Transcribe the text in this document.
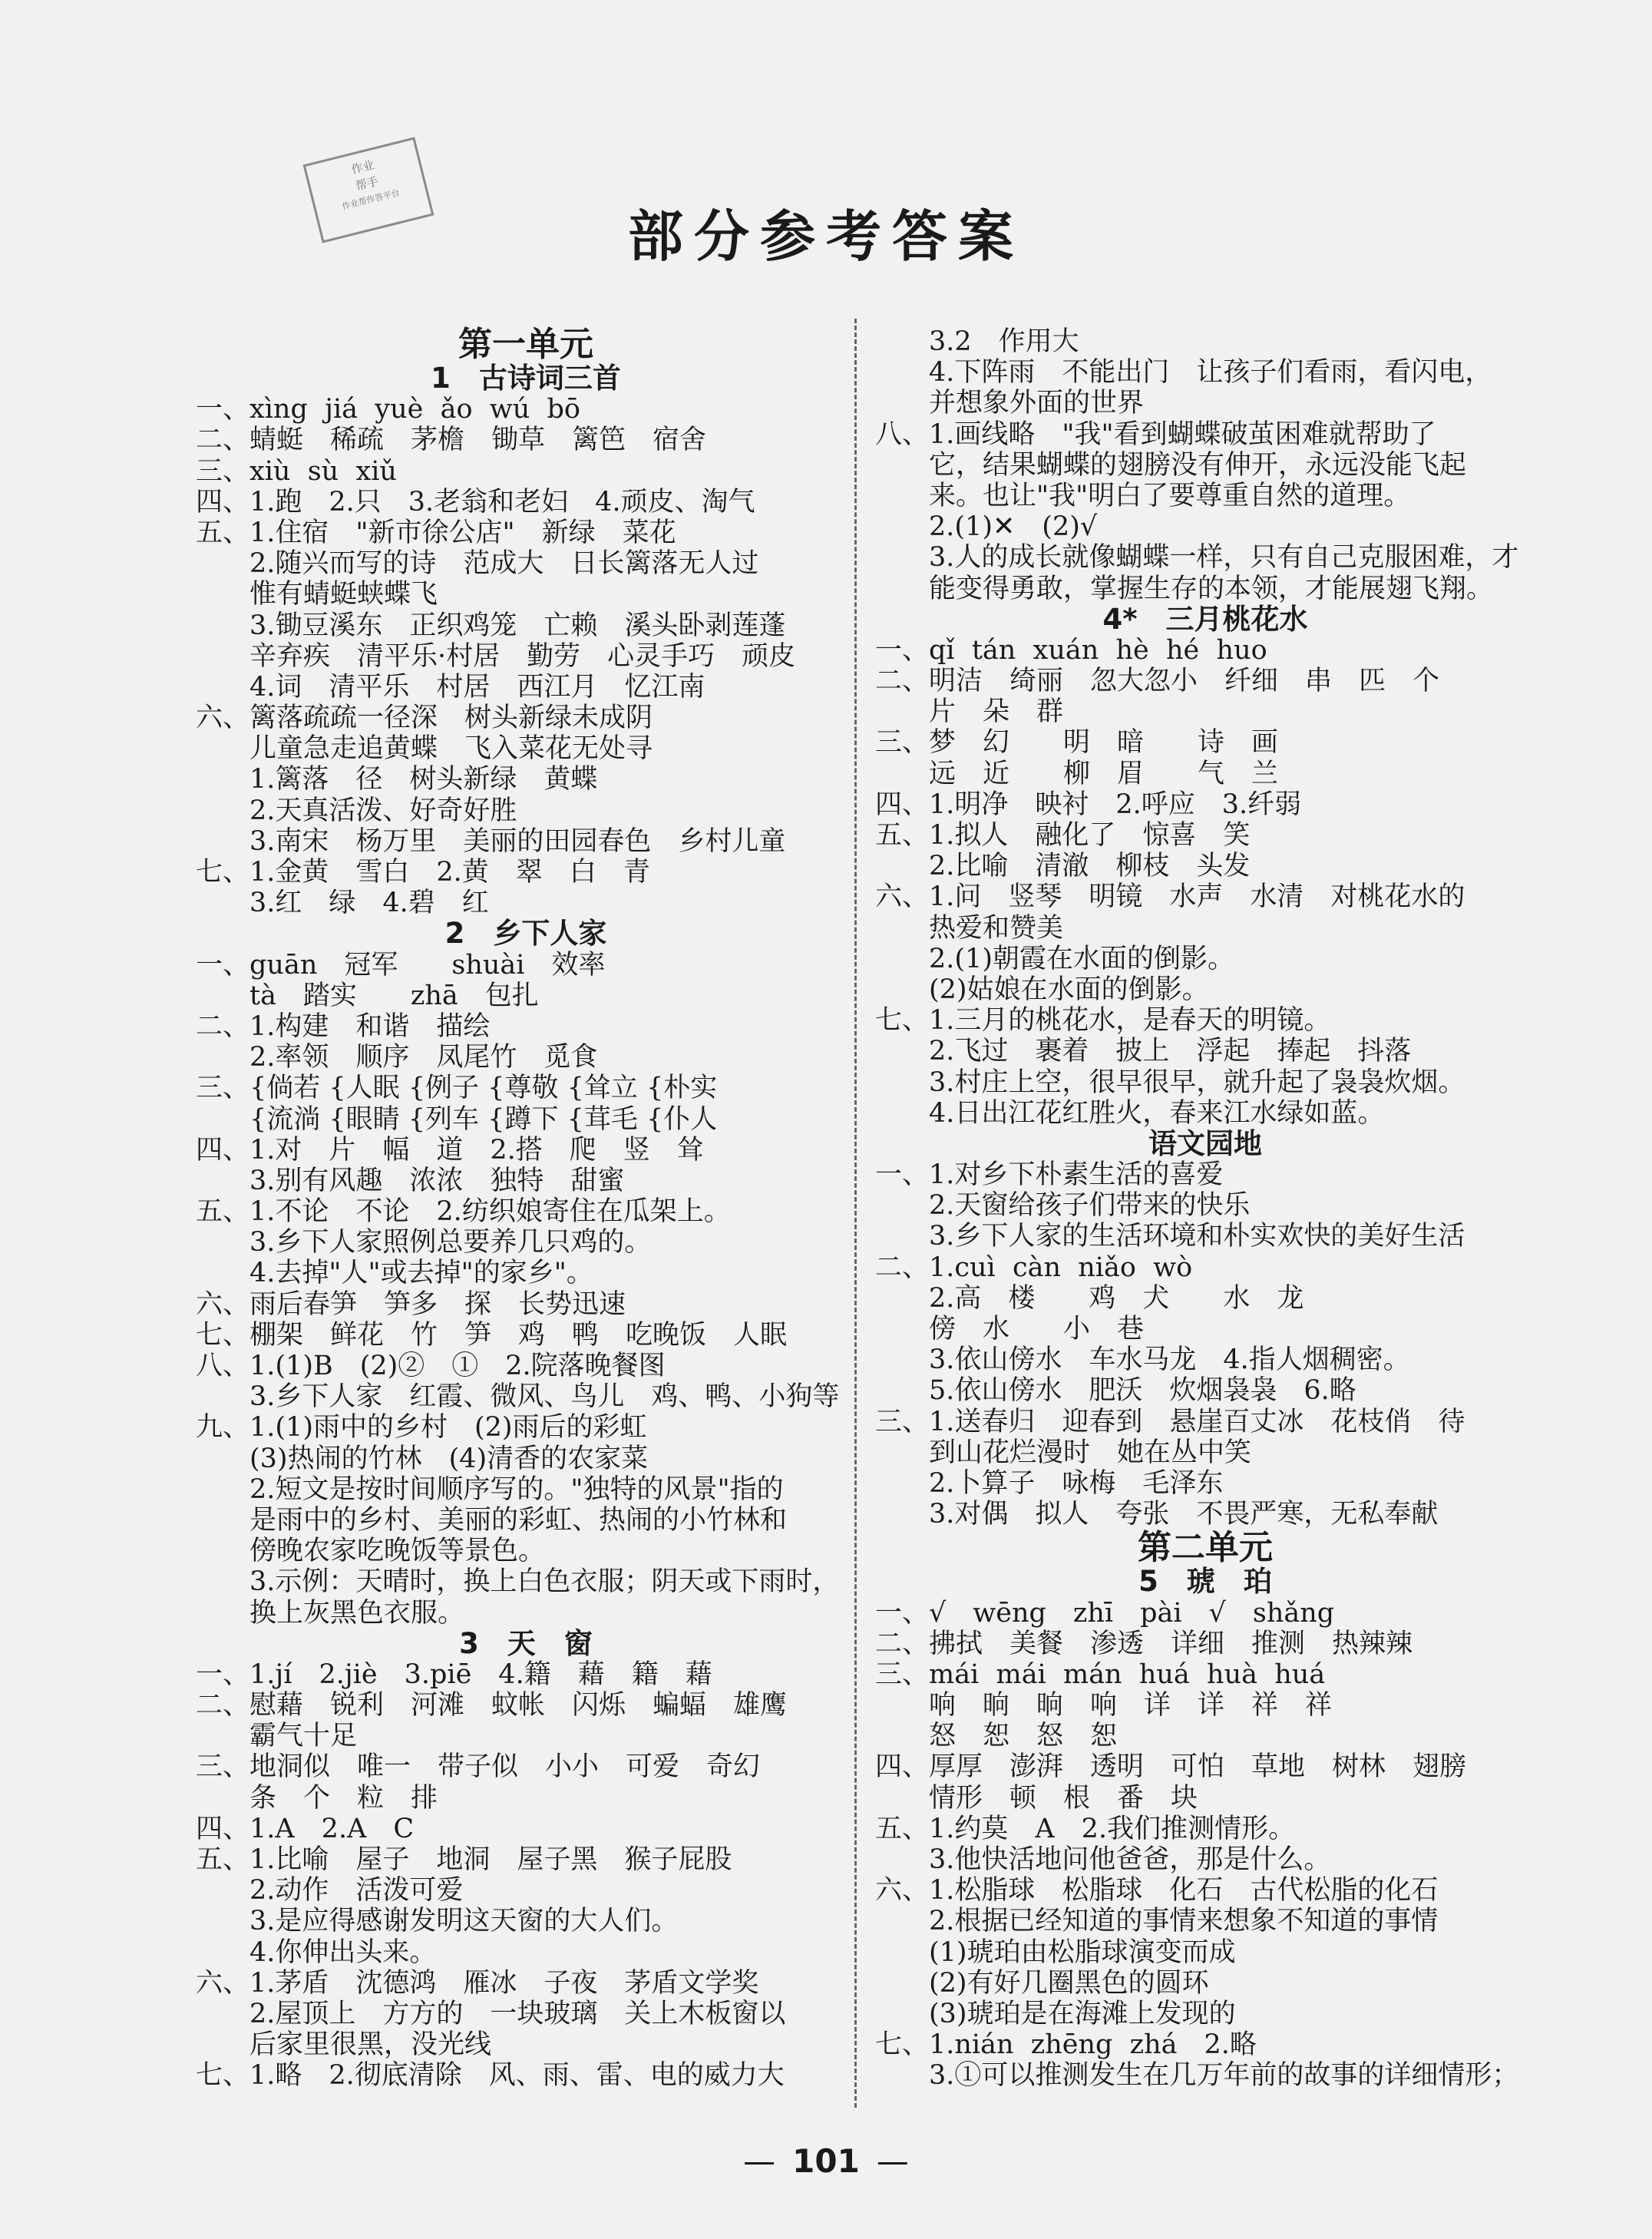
作业
帮手
作业帮作答平台
部分参考答案
第一单元
1　古诗词三首
一、xìng  jiá  yuè  ǎo  wú  bō
二、蜻蜓　稀疏　茅檐　锄草　篱笆　宿舍
三、xiù  sù  xiǔ
四、1.跑　2.只　3.老翁和老妇　4.顽皮、淘气
五、1.住宿　"新市徐公店"　新绿　菜花
　　2.随兴而写的诗　范成大　日长篱落无人过
　　惟有蜻蜓蛱蝶飞
　　3.锄豆溪东　正织鸡笼　亡赖　溪头卧剥莲蓬
　　辛弃疾　清平乐·村居　勤劳　心灵手巧　顽皮
　　4.词　清平乐　村居　西江月　忆江南
六、篱落疏疏一径深　树头新绿未成阴
　　儿童急走追黄蝶　飞入菜花无处寻
　　1.篱落　径　树头新绿　黄蝶
　　2.天真活泼、好奇好胜
　　3.南宋　杨万里　美丽的田园春色　乡村儿童
七、1.金黄　雪白　2.黄　翠　白　青
　　3.红　绿　4.碧　红
2　乡下人家
一、guān　冠军　　shuài　效率
　　tà　踏实　　zhā　包扎
二、1.构建　和谐　描绘
　　2.率领　顺序　凤尾竹　觅食
三、{倘若 {人眠 {例子 {尊敬 {耸立 {朴实
　　{流淌 {眼睛 {列车 {蹲下 {茸毛 {仆人
四、1.对　片　幅　道　2.搭　爬　竖　耸
　　3.别有风趣　浓浓　独特　甜蜜
五、1.不论　不论　2.纺织娘寄住在瓜架上。
　　3.乡下人家照例总要养几只鸡的。
　　4.去掉"人"或去掉"的家乡"。
六、雨后春笋　笋多　探　长势迅速
七、棚架　鲜花　竹　笋　鸡　鸭　吃晚饭　人眠
八、1.(1)B　(2)②　①　2.院落晚餐图
　　3.乡下人家　红霞、微风、鸟儿　鸡、鸭、小狗等
九、1.(1)雨中的乡村　(2)雨后的彩虹
　　(3)热闹的竹林　(4)清香的农家菜
　　2.短文是按时间顺序写的。"独特的风景"指的
　　是雨中的乡村、美丽的彩虹、热闹的小竹林和
　　傍晚农家吃晚饭等景色。
　　3.示例：天晴时，换上白色衣服；阴天或下雨时，
　　换上灰黑色衣服。
3　天　窗
一、1.jí　2.jiè　3.piē　4.籍　藉　籍　藉
二、慰藉　锐利　河滩　蚊帐　闪烁　蝙蝠　雄鹰
　　霸气十足
三、地洞似　唯一　带子似　小小　可爱　奇幻
　　条　个　粒　排
四、1.A　2.A　C
五、1.比喻　屋子　地洞　屋子黑　猴子屁股
　　2.动作　活泼可爱
　　3.是应得感谢发明这天窗的大人们。
　　4.你伸出头来。
六、1.茅盾　沈德鸿　雁冰　子夜　茅盾文学奖
　　2.屋顶上　方方的　一块玻璃　关上木板窗以
　　后家里很黑，没光线
七、1.略　2.彻底清除　风、雨、雷、电的威力大
　　3.2　作用大
　　4.下阵雨　不能出门　让孩子们看雨，看闪电，
　　并想象外面的世界
八、1.画线略　"我"看到蝴蝶破茧困难就帮助了
　　它，结果蝴蝶的翅膀没有伸开，永远没能飞起
　　来。也让"我"明白了要尊重自然的道理。
　　2.(1)✕　(2)√
　　3.人的成长就像蝴蝶一样，只有自己克服困难，才
　　能变得勇敢，掌握生存的本领，才能展翅飞翔。
4*　三月桃花水
一、qǐ  tán  xuán  hè  hé  huo
二、明洁　绮丽　忽大忽小　纤细　串　匹　个
　　片　朵　群
三、梦　幻　　明　暗　　诗　画
　　远　近　　柳　眉　　气　兰
四、1.明净　映衬　2.呼应　3.纤弱
五、1.拟人　融化了　惊喜　笑
　　2.比喻　清澈　柳枝　头发
六、1.问　竖琴　明镜　水声　水清　对桃花水的
　　热爱和赞美
　　2.(1)朝霞在水面的倒影。
　　(2)姑娘在水面的倒影。
七、1.三月的桃花水，是春天的明镜。
　　2.飞过　裹着　披上　浮起　捧起　抖落
　　3.村庄上空，很早很早，就升起了袅袅炊烟。
　　4.日出江花红胜火，春来江水绿如蓝。
语文园地
一、1.对乡下朴素生活的喜爱
　　2.天窗给孩子们带来的快乐
　　3.乡下人家的生活环境和朴实欢快的美好生活
二、1.cuì  càn  niǎo  wò
　　2.高　楼　　鸡　犬　　水　龙
　　傍　水　　小　巷
　　3.依山傍水　车水马龙　4.指人烟稠密。
　　5.依山傍水　肥沃　炊烟袅袅　6.略
三、1.送春归　迎春到　悬崖百丈冰　花枝俏　待
　　到山花烂漫时　她在丛中笑
　　2.卜算子　咏梅　毛泽东
　　3.对偶　拟人　夸张　不畏严寒，无私奉献
第二单元
5　琥　珀
一、√　wēng　zhī　pài　√　shǎng
二、拂拭　美餐　渗透　详细　推测　热辣辣
三、mái  mái  mán  huá  huà  huá
　　响　晌　晌　响　详　详　祥　祥
　　怒　恕　怒　恕
四、厚厚　澎湃　透明　可怕　草地　树林　翅膀
　　情形　顿　根　番　块
五、1.约莫　A　2.我们推测情形。
　　3.他快活地问他爸爸，那是什么。
六、1.松脂球　松脂球　化石　古代松脂的化石
　　2.根据已经知道的事情来想象不知道的事情
　　(1)琥珀由松脂球演变而成
　　(2)有好几圈黑色的圆环
　　(3)琥珀是在海滩上发现的
七、1.nián  zhēng  zhá　2.略
　　3.①可以推测发生在几万年前的故事的详细情形；
— 101 —
